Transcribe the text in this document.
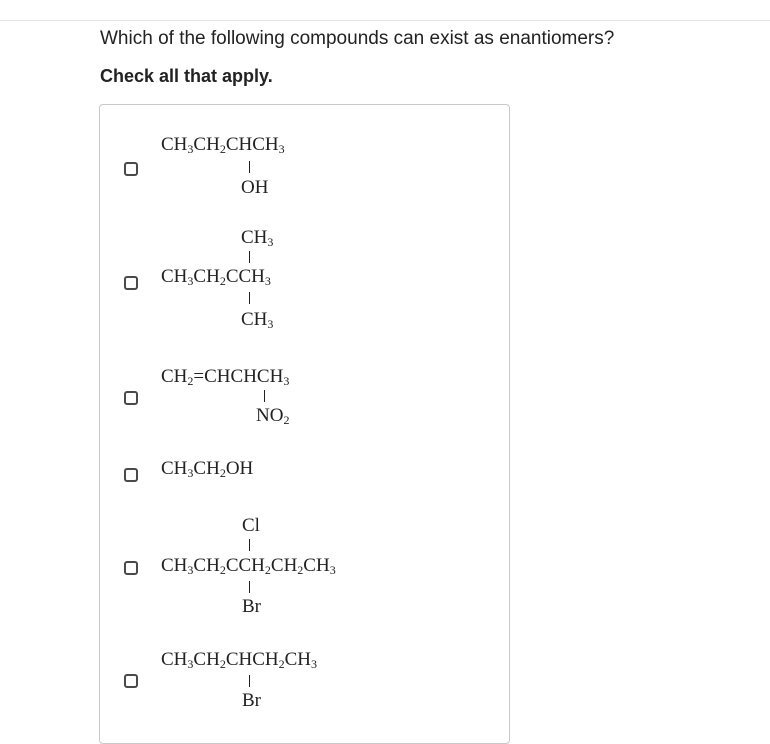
Which of the following compounds can exist as enantiomers?
Check all that apply.
$CH_3CH_2CHCH_3$
OH
$CH_3$
$CH_3CH_2CCH_3$
$CH_3$
$CH_2=CHCHCH_3$
$NO_2$
$CH_3CH_2OH$
Cl
$CH_3CH_2CCH_2CH_2CH_3$
Br
$CH_3CH_2CHCH_2CH_3$
Br
